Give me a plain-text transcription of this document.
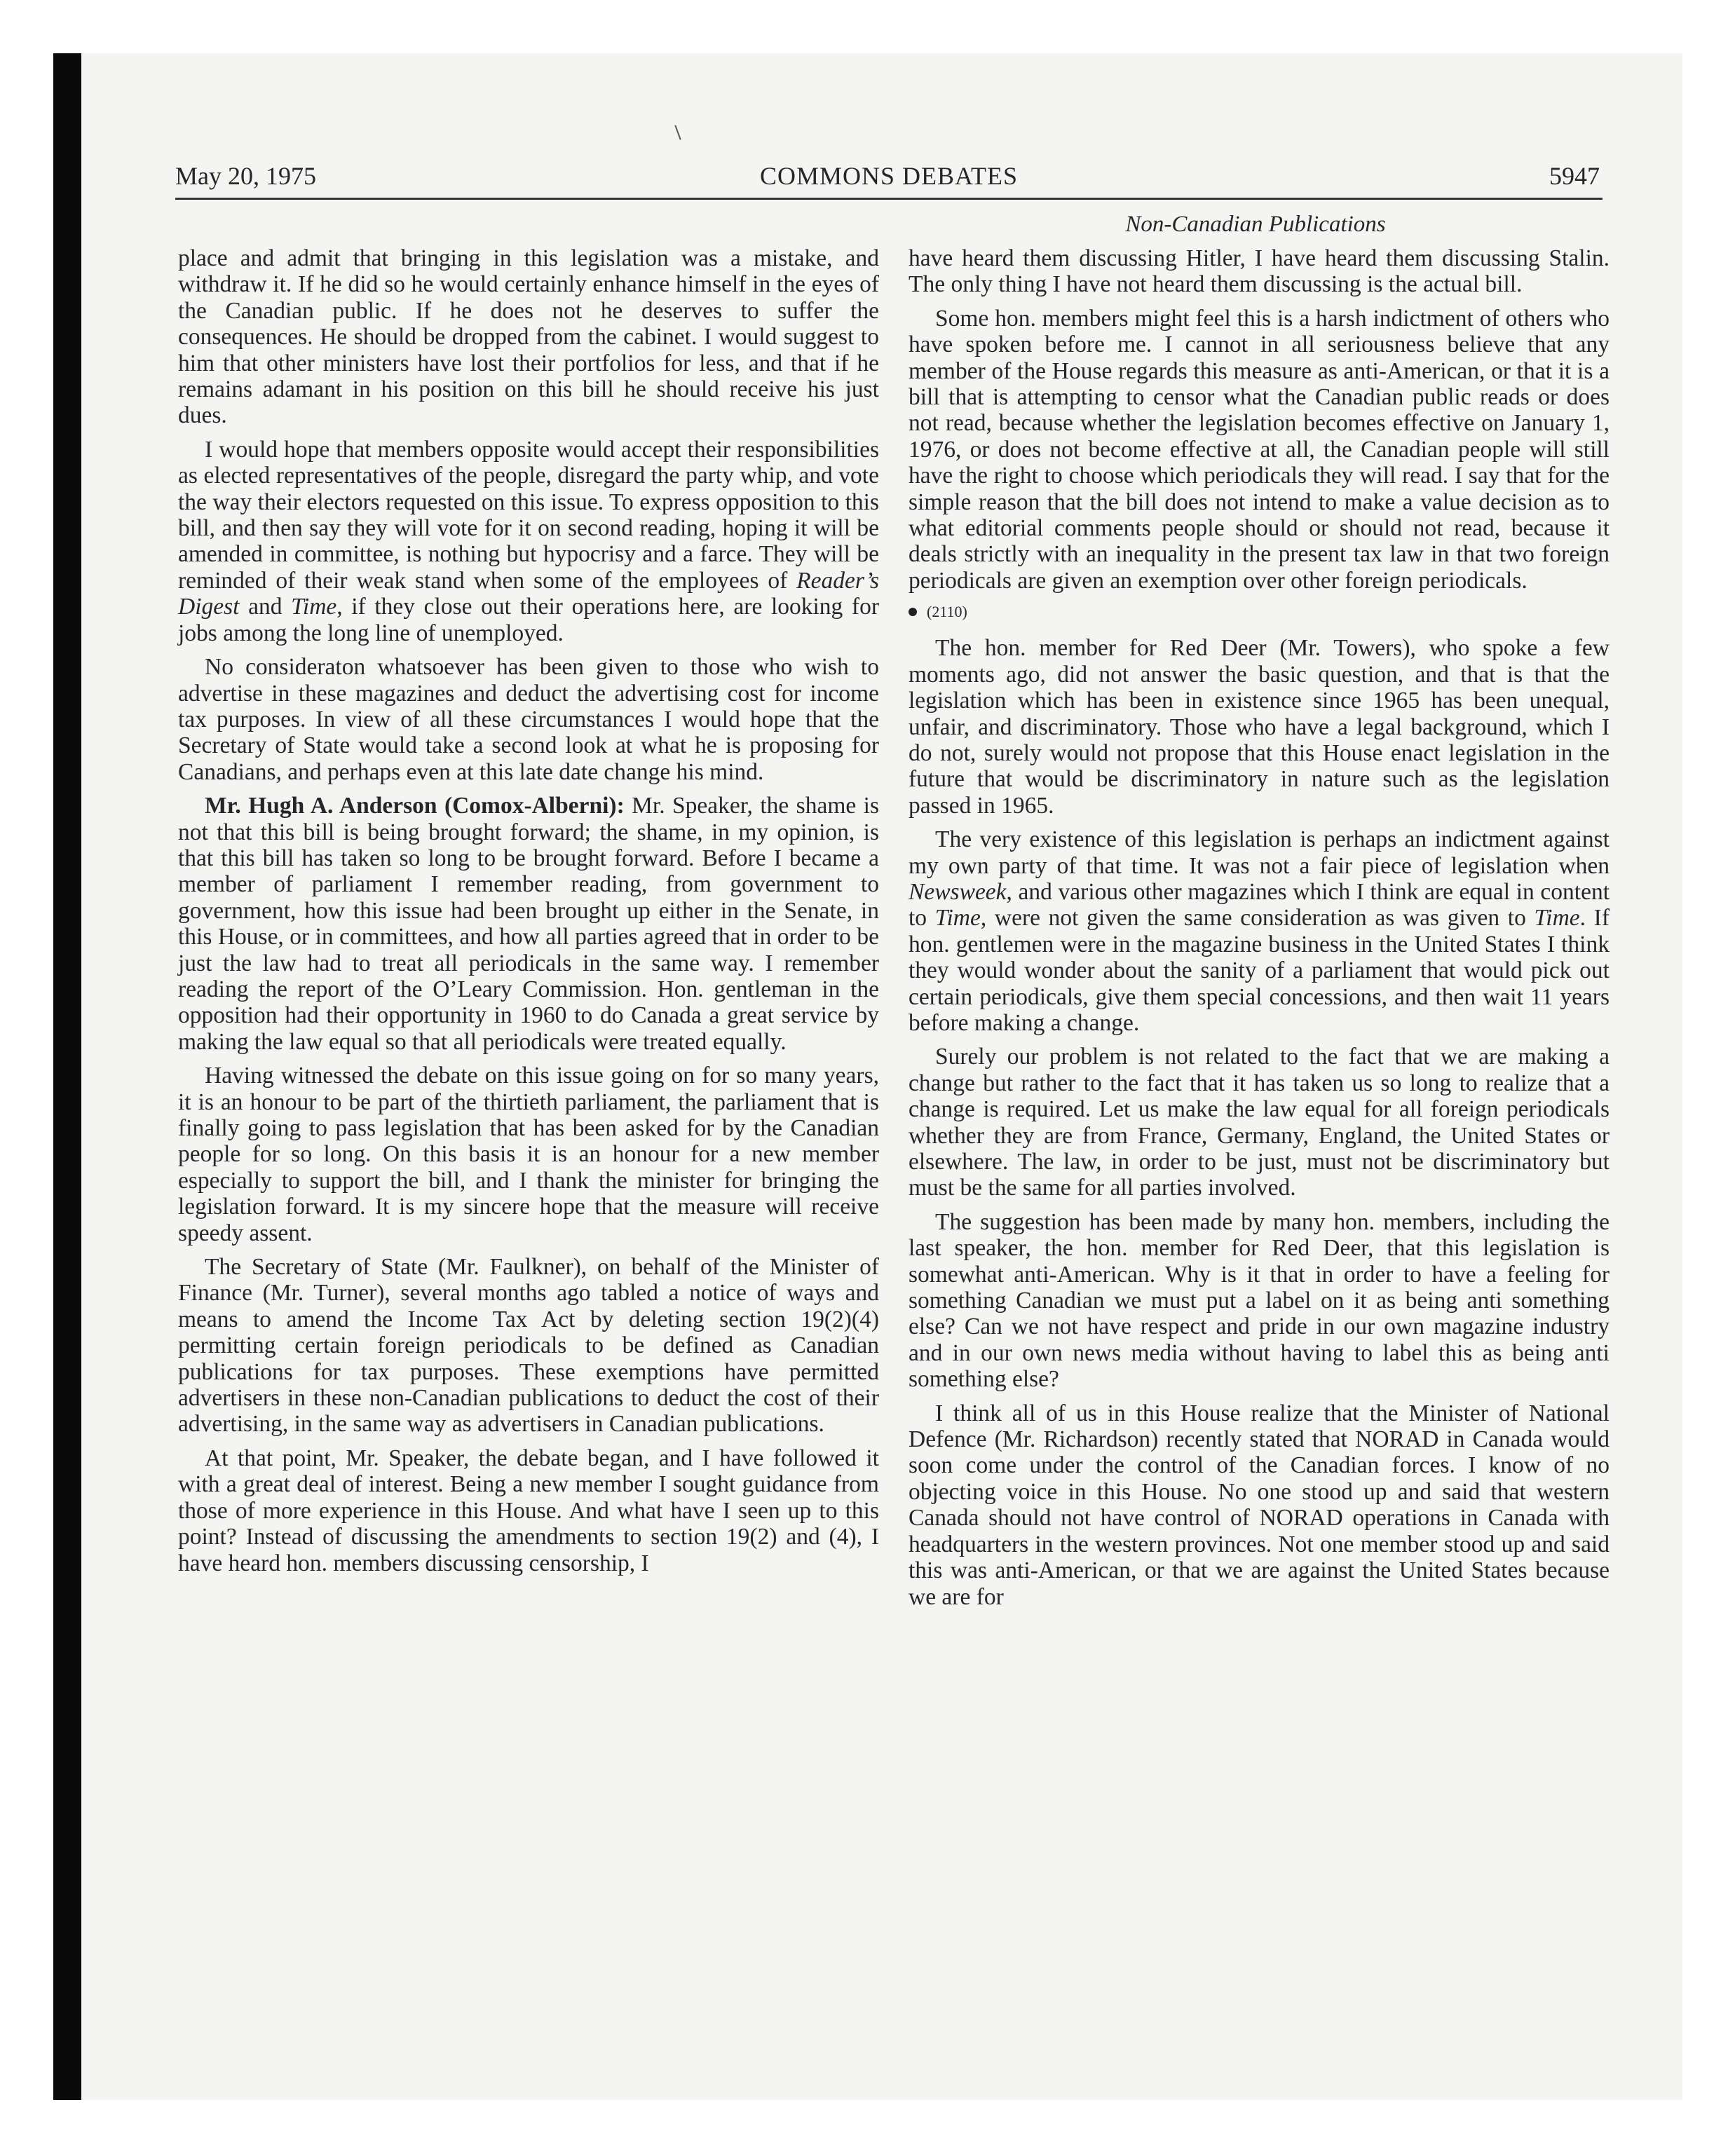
May 20, 1975	COMMONS DEBATES	5947
Non-Canadian Publications

place and admit that bringing in this legislation was a mistake, and withdraw it. If he did so he would certainly enhance himself in the eyes of the Canadian public. If he does not he deserves to suffer the consequences. He should be dropped from the cabinet. I would suggest to him that other ministers have lost their portfolios for less, and that if he remains adamant in his position on this bill he should receive his just dues.

I would hope that members opposite would accept their responsibilities as elected representatives of the people, disregard the party whip, and vote the way their electors requested on this issue. To express opposition to this bill, and then say they will vote for it on second reading, hoping it will be amended in committee, is nothing but hypocrisy and a farce. They will be reminded of their weak stand when some of the employees of Reader’s Digest and Time, if they close out their operations here, are looking for jobs among the long line of unemployed.

No consideraton whatsoever has been given to those who wish to advertise in these magazines and deduct the advertising cost for income tax purposes. In view of all these circumstances I would hope that the Secretary of State would take a second look at what he is proposing for Canadians, and perhaps even at this late date change his mind.

Mr. Hugh A. Anderson (Comox-Alberni): Mr. Speaker, the shame is not that this bill is being brought forward; the shame, in my opinion, is that this bill has taken so long to be brought forward. Before I became a member of parliament I remember reading, from government to government, how this issue had been brought up either in the Senate, in this House, or in committees, and how all parties agreed that in order to be just the law had to treat all periodicals in the same way. I remember reading the report of the O’Leary Commission. Hon. gentleman in the opposition had their opportunity in 1960 to do Canada a great service by making the law equal so that all periodicals were treated equally.

Having witnessed the debate on this issue going on for so many years, it is an honour to be part of the thirtieth parliament, the parliament that is finally going to pass legislation that has been asked for by the Canadian people for so long. On this basis it is an honour for a new member especially to support the bill, and I thank the minister for bringing the legislation forward. It is my sincere hope that the measure will receive speedy assent.

The Secretary of State (Mr. Faulkner), on behalf of the Minister of Finance (Mr. Turner), several months ago tabled a notice of ways and means to amend the Income Tax Act by deleting section 19(2)(4) permitting certain foreign periodicals to be defined as Canadian publications for tax purposes. These exemptions have permitted advertisers in these non-Canadian publications to deduct the cost of their advertising, in the same way as advertisers in Canadian publications.

At that point, Mr. Speaker, the debate began, and I have followed it with a great deal of interest. Being a new member I sought guidance from those of more experience in this House. And what have I seen up to this point? Instead of discussing the amendments to section 19(2) and (4), I have heard hon. members discussing censorship, I

have heard them discussing Hitler, I have heard them discussing Stalin. The only thing I have not heard them discussing is the actual bill.

Some hon. members might feel this is a harsh indictment of others who have spoken before me. I cannot in all seriousness believe that any member of the House regards this measure as anti-American, or that it is a bill that is attempting to censor what the Canadian public reads or does not read, because whether the legislation becomes effective on January 1, 1976, or does not become effective at all, the Canadian people will still have the right to choose which periodicals they will read. I say that for the simple reason that the bill does not intend to make a value decision as to what editorial comments people should or should not read, because it deals strictly with an inequality in the present tax law in that two foreign periodicals are given an exemption over other foreign periodicals.

(2110)

The hon. member for Red Deer (Mr. Towers), who spoke a few moments ago, did not answer the basic question, and that is that the legislation which has been in existence since 1965 has been unequal, unfair, and discriminatory. Those who have a legal background, which I do not, surely would not propose that this House enact legislation in the future that would be discriminatory in nature such as the legislation passed in 1965.

The very existence of this legislation is perhaps an indictment against my own party of that time. It was not a fair piece of legislation when Newsweek, and various other magazines which I think are equal in content to Time, were not given the same consideration as was given to Time. If hon. gentlemen were in the magazine business in the United States I think they would wonder about the sanity of a parliament that would pick out certain periodicals, give them special concessions, and then wait 11 years before making a change.

Surely our problem is not related to the fact that we are making a change but rather to the fact that it has taken us so long to realize that a change is required. Let us make the law equal for all foreign periodicals whether they are from France, Germany, England, the United States or elsewhere. The law, in order to be just, must not be discriminatory but must be the same for all parties involved.

The suggestion has been made by many hon. members, including the last speaker, the hon. member for Red Deer, that this legislation is somewhat anti-American. Why is it that in order to have a feeling for something Canadian we must put a label on it as being anti something else? Can we not have respect and pride in our own magazine industry and in our own news media without having to label this as being anti something else?

I think all of us in this House realize that the Minister of National Defence (Mr. Richardson) recently stated that NORAD in Canada would soon come under the control of the Canadian forces. I know of no objecting voice in this House. No one stood up and said that western Canada should not have control of NORAD operations in Canada with headquarters in the western provinces. Not one member stood up and said this was anti-American, or that we are against the United States because we are for
